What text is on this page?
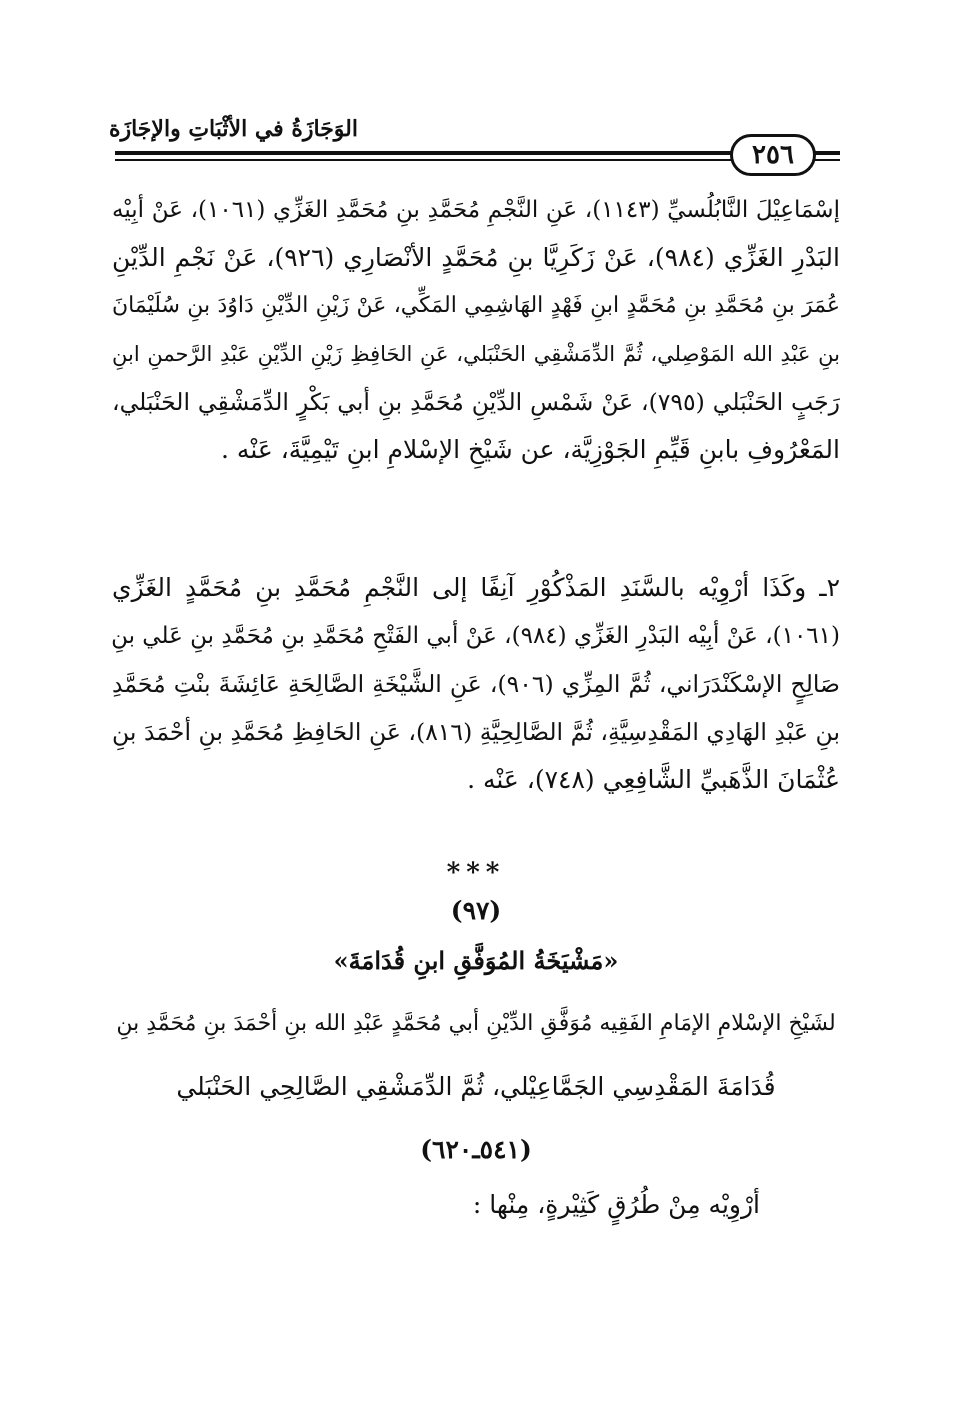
الوَجَازَةُ في الأثْبَاتِ والإجَازَة
٢٥٦
إسْمَاعِيْلَ النَّابُلُسيِّ (١١٤٣)، عَنِ النَّجْمِ مُحَمَّدِ بنِ مُحَمَّدِ الغَزِّي (١٠٦١)، عَنْ أبِيْه
البَدْرِ الغَزِّي (٩٨٤)، عَنْ زَكَرِيَّا بنِ مُحَمَّدٍ الأنْصَارِي (٩٢٦)، عَنْ نَجْمِ الدِّيْنِ
عُمَرَ بنِ مُحَمَّدِ بنِ مُحَمَّدٍ ابنِ فَهْدٍ الهَاشِمِي المَكِّي، عَنْ زَيْنِ الدِّيْنِ دَاوُدَ بنِ سُلَيْمَانَ
بنِ عَبْدِ الله المَوْصِلي، ثُمَّ الدِّمَشْقِي الحَنْبَلي، عَنِ الحَافِظِ زَيْنِ الدِّيْنِ عَبْدِ الرَّحمنِ ابنِ
رَجَبٍ الحَنْبَلي (٧٩٥)، عَنْ شَمْسِ الدِّيْنِ مُحَمَّدِ بنِ أبي بَكْرٍ الدِّمَشْقِي الحَنْبَلي،
المَعْرُوفِ بابنِ قَيِّمِ الجَوْزِيَّة، عن شَيْخِ الإسْلامِ ابنِ تَيْمِيَّةَ، عَنْه .
٢ـ وكَذَا أرْوِيْه بالسَّنَدِ المَذْكُوْرِ آنِفًا إلى النَّجْمِ مُحَمَّدِ بنِ مُحَمَّدٍ الغَزِّي
(١٠٦١)، عَنْ أبِيْه البَدْرِ الغَزِّي (٩٨٤)، عَنْ أبي الفَتْحِ مُحَمَّدِ بنِ مُحَمَّدِ بنِ عَلي بنِ
صَالِحٍ الإسْكَنْدَرَاني، ثُمَّ المِزِّي (٩٠٦)، عَنِ الشَّيْخَةِ الصَّالِحَةِ عَائِشَةَ بنْتِ مُحَمَّدِ
بنِ عَبْدِ الهَادِي المَقْدِسِيَّةِ، ثُمَّ الصَّالِحِيَّةِ (٨١٦)، عَنِ الحَافِظِ مُحَمَّدِ بنِ أحْمَدَ بنِ
عُثْمَانَ الذَّهَبيِّ الشَّافِعِي (٧٤٨)، عَنْه .
***
(٩٧)
«مَشْيَخَةُ المُوَفَّقِ ابنِ قُدَامَةَ»
لشَيْخِ الإسْلامِ الإمَامِ الفَقِيه مُوَفَّقِ الدِّيْنِ أبي مُحَمَّدٍ عَبْدِ الله بنِ أحْمَدَ بنِ مُحَمَّدِ بنِ
قُدَامَةَ المَقْدِسِي الجَمَّاعِيْلي، ثُمَّ الدِّمَشْقِي الصَّالِحِي الحَنْبَلي
(٥٤١ـ٦٢٠)
أرْوِيْه مِنْ طُرُقٍ كَثِيْرةٍ، مِنْها :
